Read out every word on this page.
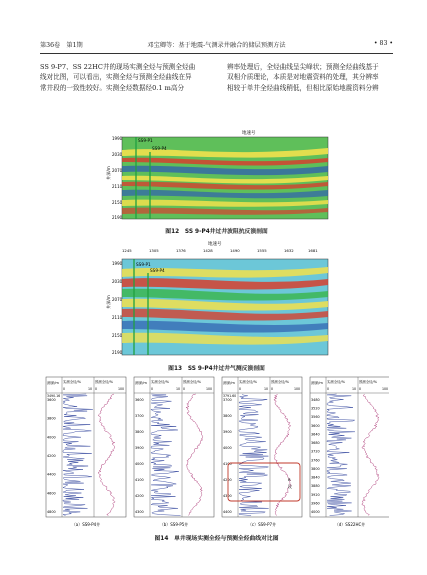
第36卷　第1期	邓宝卿等：基于地震-气测录井融合的储层预测方法	• 83 •
SS 9-P7、SS 22HC井的现场实测全烃与预测全烃曲
线对比图，可以看出，实测全烃与预测全烃曲线在异
常井段的一致性较好。实测全烃数据经0.1 m高分
辨率处理后，全烃曲线呈尖峰状；预测全烃曲线基于
双相介质理论，本质是对地震资料的处理，其分辨率
相较于单井全烃曲线稍低，但相比原始地震资料分辨
地速号
SS9-P1
SS9-P4
井深/m
1990
2030
2070
2110
2150
2190
图12　SS 9-P4井过井波阻抗反演剖面
地速号
1245	1305	1376	1428	1490	1555	1632	1681
SS9-P1
SS9-P4
井深/m
1990
2030
2070
2110
2150
2190
图13　SS 9-P4井过井气测反演剖面
测深/m 实测全烃/%
0	10
预测全烃/%
0	100
3600
3800
4000
4200
4400
4600
4800
3490.16
（a）SS9-P4井
测深/m 实测全烃/%
0	10
预测全烃/%
0	100
3600
3700
3800
3900
4000
4100
4200
4300
（b）SS9-P5井
测深/m 实测全烃/%
0	10
预测全烃/%
0	100
3700
3800
3900
4000
4100
4200
4300
4400
3791.60
B
段
（c）SS9-P7井
测深/m 实测全烃/%
0	10
预测全烃/%
0	100
3480
3520
3560
3600
3640
3680
3720
3760
3800
3840
3880
3920
3960
4000
（d）SS22HC井
图14　单井现场实测全烃与预测全烃曲线对比图
